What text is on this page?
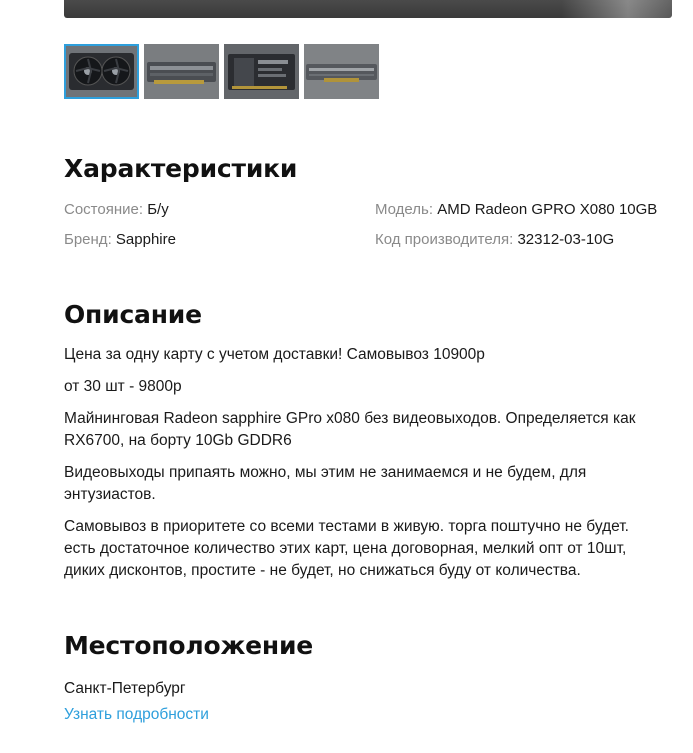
Характеристики
Состояние: Б/у	Модель: AMD Radeon GPRO X080 10GB
Бренд: Sapphire	Код производителя: 32312-03-10G
Описание

Цена за одну карту с учетом доставки! Самовывоз 10900р

от 30 шт - 9800р

Майнинговая Radeon sapphire GPro x080 без видеовыходов. Определяется как RX6700, на борту 10Gb GDDR6

Видеовыходы припаять можно, мы этим не занимаемся и не будем, для энтузиастов.

Самовывоз в приоритете со всеми тестами в живую. торга поштучно не будет. есть достаточное количество этих карт, цена договорная, мелкий опт от 10шт, диких дисконтов, простите - не будет, но снижаться буду от количества.

Местоположение
Санкт-Петербург
Узнать подробности
